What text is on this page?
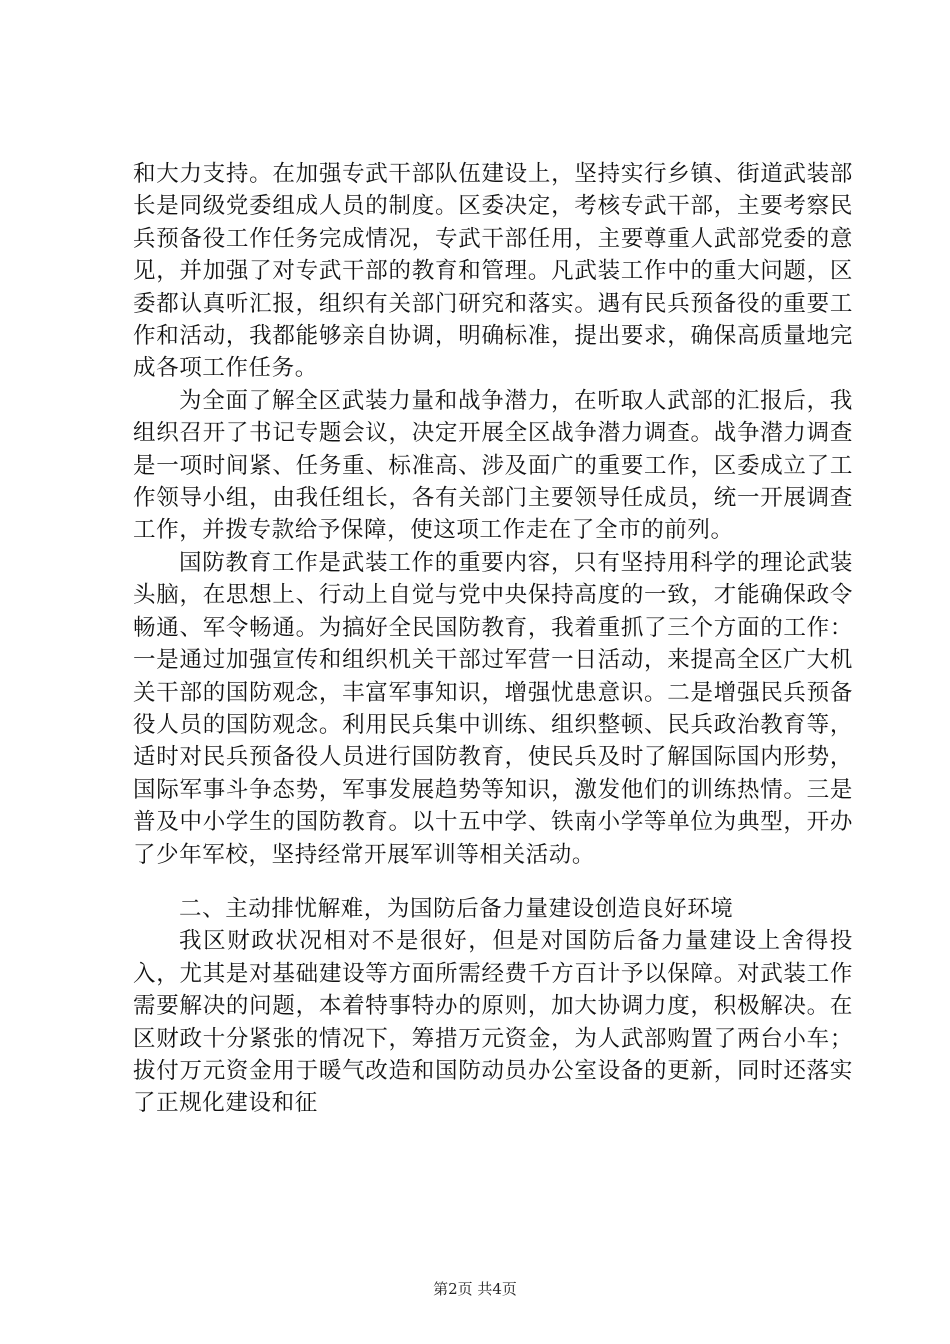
和大力支持。在加强专武干部队伍建设上，坚持实行乡镇、街道武装部长是同级党委组成人员的制度。区委决定，考核专武干部，主要考察民兵预备役工作任务完成情况，专武干部任用，主要尊重人武部党委的意见，并加强了对专武干部的教育和管理。凡武装工作中的重大问题，区委都认真听汇报，组织有关部门研究和落实。遇有民兵预备役的重要工作和活动，我都能够亲自协调，明确标准，提出要求，确保高质量地完成各项工作任务。

为全面了解全区武装力量和战争潜力，在听取人武部的汇报后，我组织召开了书记专题会议，决定开展全区战争潜力调查。战争潜力调查是一项时间紧、任务重、标准高、涉及面广的重要工作，区委成立了工作领导小组，由我任组长，各有关部门主要领导任成员，统一开展调查工作，并拨专款给予保障，使这项工作走在了全市的前列。

国防教育工作是武装工作的重要内容，只有坚持用科学的理论武装头脑，在思想上、行动上自觉与党中央保持高度的一致，才能确保政令畅通、军令畅通。为搞好全民国防教育，我着重抓了三个方面的工作：一是通过加强宣传和组织机关干部过军营一日活动，来提高全区广大机关干部的国防观念，丰富军事知识，增强忧患意识。二是增强民兵预备役人员的国防观念。利用民兵集中训练、组织整顿、民兵政治教育等，适时对民兵预备役人员进行国防教育，使民兵及时了解国际国内形势，国际军事斗争态势，军事发展趋势等知识，激发他们的训练热情。三是普及中小学生的国防教育。以十五中学、铁南小学等单位为典型，开办了少年军校，坚持经常开展军训等相关活动。

二、主动排忧解难，为国防后备力量建设创造良好环境

我区财政状况相对不是很好，但是对国防后备力量建设上舍得投入，尤其是对基础建设等方面所需经费千方百计予以保障。对武装工作需要解决的问题，本着特事特办的原则，加大协调力度，积极解决。在区财政十分紧张的情况下，筹措万元资金，为人武部购置了两台小车；拔付万元资金用于暖气改造和国防动员办公室设备的更新，同时还落实了正规化建设和征

第2页 共4页
